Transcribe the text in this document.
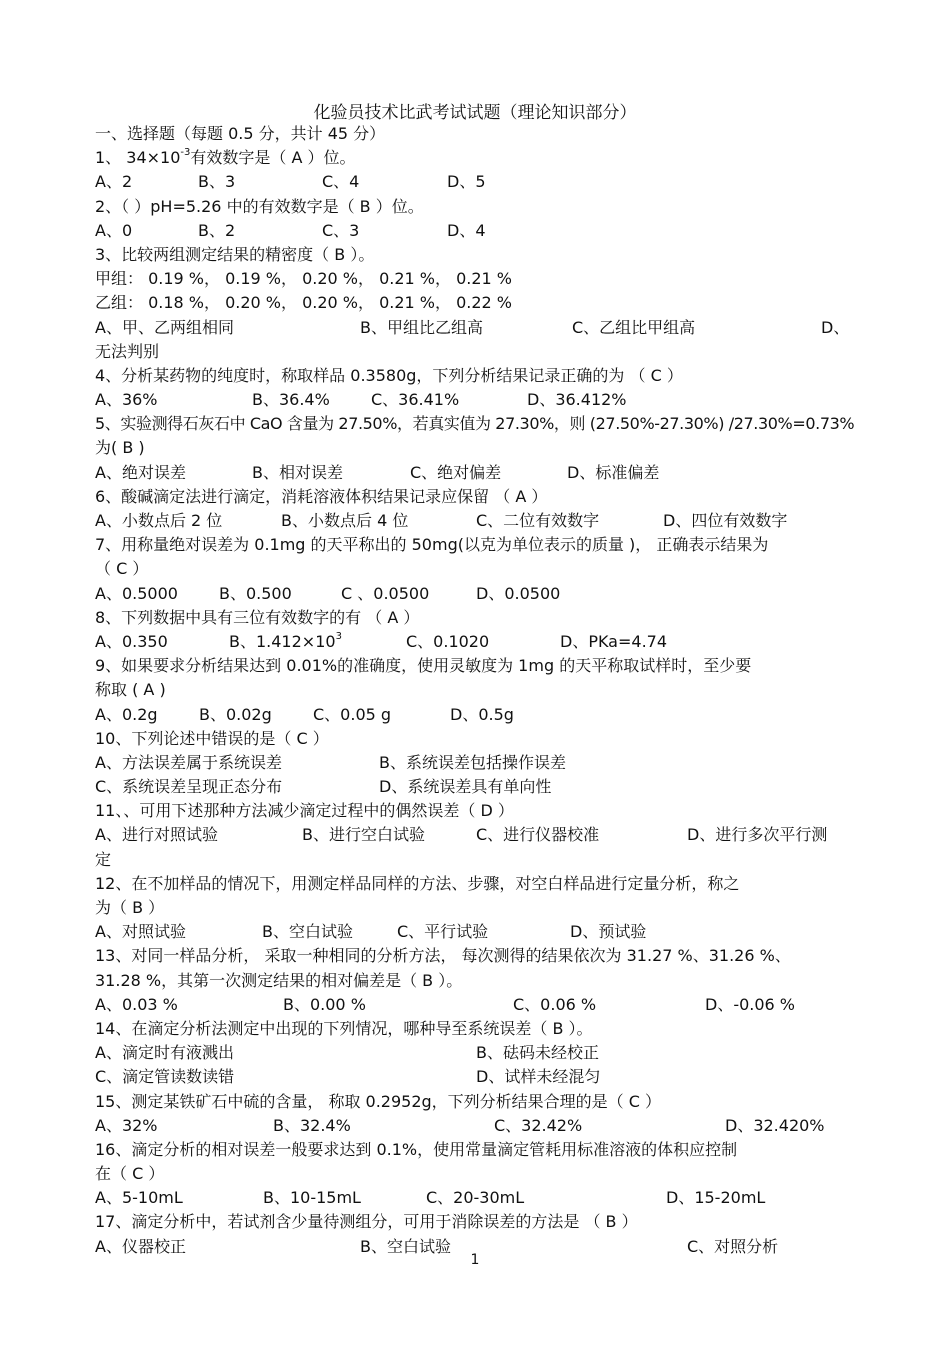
化验员技术比武考试试题（理论知识部分）
一、选择题（每题 0.5 分，共计 45 分）
1、 $34\times 10^{-3}$有效数字是（ A ）位。
A、2	B、3	C、4	D、5
2、（ ）pH=5.26 中的有效数字是（ B ）位。
A、0	B、2	C、3	D、4
3、比较两组测定结果的精密度（ B ）。
甲组： 0.19 %， 0.19 %， 0.20 %， 0.21 %， 0.21 %
乙组： 0.18 %， 0.20 %， 0.20 %， 0.21 %， 0.22 %
A、甲、乙两组相同	B、甲组比乙组高	C、乙组比甲组高	D、
无法判别
4、分析某药物的纯度时，称取样品 0.3580g，下列分析结果记录正确的为 （ C ）
A、36%	B、36.4%	C、36.41%	D、36.412%
5、实验测得石灰石中 CaO 含量为 27.50%，若真实值为 27.30%，则 (27.50%-27.30%) /27.30%=0.73%
为( B )
A、绝对误差	B、相对误差	C、绝对偏差	D、标准偏差
6、酸碱滴定法进行滴定，消耗溶液体积结果记录应保留 （ A ）
A、小数点后 2 位	B、小数点后 4 位	C、二位有效数字	D、四位有效数字
7、用称量绝对误差为 0.1mg 的天平称出的 50mg(以克为单位表示的质量 )， 正确表示结果为
（ C ）
A、0.5000	B、0.500	C 、0.0500	D、0.0500
8、下列数据中具有三位有效数字的有 （ A ）
A、0.350	B、$1.412\times 10^3$	C、0.1020	D、PKa=4.74
9、如果要求分析结果达到 0.01%的准确度，使用灵敏度为 1mg 的天平称取试样时，至少要
称取 ( A )
A、0.2g	B、0.02g	C、0.05 g	D、0.5g
10、下列论述中错误的是（ C ）
A、方法误差属于系统误差	B、系统误差包括操作误差
C、系统误差呈现正态分布	D、系统误差具有单向性
11、、可用下述那种方法减少滴定过程中的偶然误差（ D ）
A、进行对照试验	B、进行空白试验	C、进行仪器校准	D、进行多次平行测
定
12、在不加样品的情况下，用测定样品同样的方法、步骤，对空白样品进行定量分析，称之
为（ B ）
A、对照试验	B、空白试验	C、平行试验	D、预试验
13、对同一样品分析， 采取一种相同的分析方法， 每次测得的结果依次为 31.27 %、31.26 %、
31.28 %，其第一次测定结果的相对偏差是（ B ）。
A、0.03 %	B、0.00 %	C、0.06 %	D、-0.06 %
14、在滴定分析法测定中出现的下列情况，哪种导至系统误差（ B ）。
A、滴定时有液溅出	B、砝码未经校正
C、滴定管读数读错	D、试样未经混匀
15、测定某铁矿石中硫的含量， 称取 0.2952g，下列分析结果合理的是（ C ）
A、32%	B、32.4%	C、32.42%	D、32.420%
16、滴定分析的相对误差一般要求达到 0.1%，使用常量滴定管耗用标准溶液的体积应控制
在（ C ）
A、5-10mL	B、10-15mL	C、20-30mL	D、15-20mL
17、滴定分析中，若试剂含少量待测组分，可用于消除误差的方法是 （ B ）
A、仪器校正	B、空白试验	C、对照分析
1
